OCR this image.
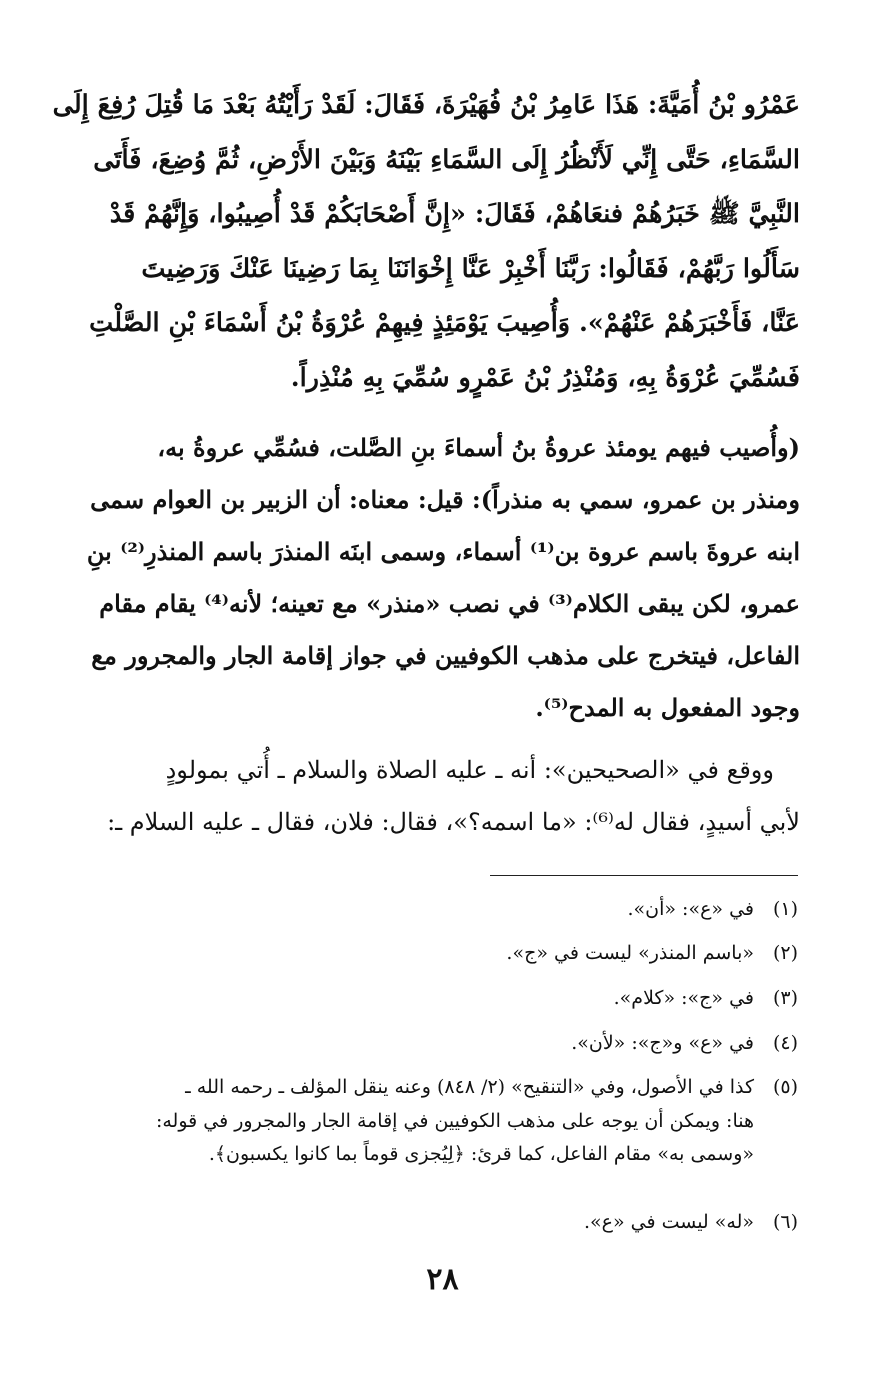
عَمْرُو بْنُ أُمَيَّةَ: هَذَا عَامِرُ بْنُ فُهَيْرَةَ، فَقَالَ: لَقَدْ رَأَيْتُهُ بَعْدَ مَا قُتِلَ رُفِعَ إِلَى
السَّمَاءِ، حَتَّى إِنِّي لَأَنْظُرُ إِلَى السَّمَاءِ بَيْنَهُ وَبَيْنَ الأَرْضِ، ثُمَّ وُضِعَ، فَأَتَى
النَّبِيَّ ﷺ خَبَرُهُمْ فنعَاهُمْ، فَقَالَ: «إِنَّ أَصْحَابَكُمْ قَدْ أُصِيبُوا، وَإِنَّهُمْ قَدْ
سَأَلُوا رَبَّهُمْ، فَقَالُوا: رَبَّنَا أَخْبِرْ عَنَّا إِخْوَانَنَا بِمَا رَضِينَا عَنْكَ وَرَضِيتَ
عَنَّا، فَأَخْبَرَهُمْ عَنْهُمْ». وَأُصِيبَ يَوْمَئِذٍ فِيهِمْ عُرْوَةُ بْنُ أَسْمَاءَ بْنِ الصَّلْتِ
فَسُمِّيَ عُرْوَةُ بِهِ، وَمُنْذِرُ بْنُ عَمْرٍو سُمِّيَ بِهِ مُنْذِراً.
(وأُصيب فيهم يومئذ عروةُ بنُ أسماءَ بنِ الصَّلت، فسُمِّي عروةُ به،
ومنذر بن عمرو، سمي به منذراً): قيل: معناه: أن الزبير بن العوام سمى
ابنه عروةَ باسم عروة بن⁽¹⁾ أسماء، وسمى ابنَه المنذرَ باسم المنذرِ⁽²⁾ بنِ
عمرو، لكن يبقى الكلام⁽³⁾ في نصب «منذر» مع تعينه؛ لأنه⁽⁴⁾ يقام مقام
الفاعل، فيتخرج على مذهب الكوفيين في جواز إقامة الجار والمجرور مع
وجود المفعول به المدح⁽⁵⁾.
ووقع في «الصحيحين»: أنه ـ عليه الصلاة والسلام ـ أُتي بمولودٍ
لأبي أسيدٍ، فقال له⁽⁶⁾: «ما اسمه؟»، فقال: فلان، فقال ـ عليه السلام ـ:
(١)
في «ع»: «أن».
(٢)
«باسم المنذر» ليست في «ج».
(٣)
في «ج»: «كلام».
(٤)
في «ع» و«ج»: «لأن».
(٥)
كذا في الأصول، وفي «التنقيح» (٢/ ٨٤٨) وعنه ينقل المؤلف ـ رحمه الله ـ
هنا: ويمكن أن يوجه على مذهب الكوفيين في إقامة الجار والمجرور في قوله:
«وسمى به» مقام الفاعل، كما قرئ: ﴿لِيُجزى قوماً بما كانوا يكسبون﴾.
(٦)
«له» ليست في «ع».
٢٨
